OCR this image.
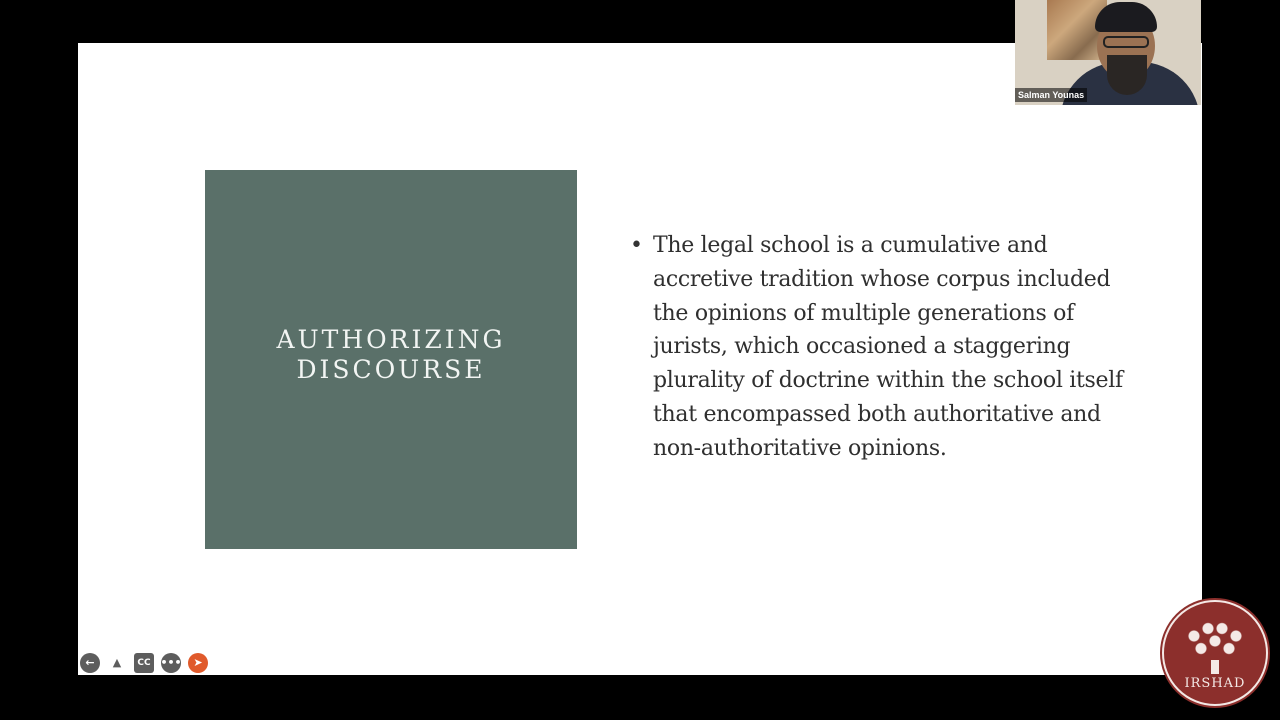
AUTHORIZING DISCOURSE
• The legal school is a cumulative and accretive tradition whose corpus included the opinions of multiple generations of jurists, which occasioned a staggering plurality of doctrine within the school itself that encompassed both authoritative and non-authoritative opinions.
←	▲	CC •••	➤
Salman Younas
IRSHAD
